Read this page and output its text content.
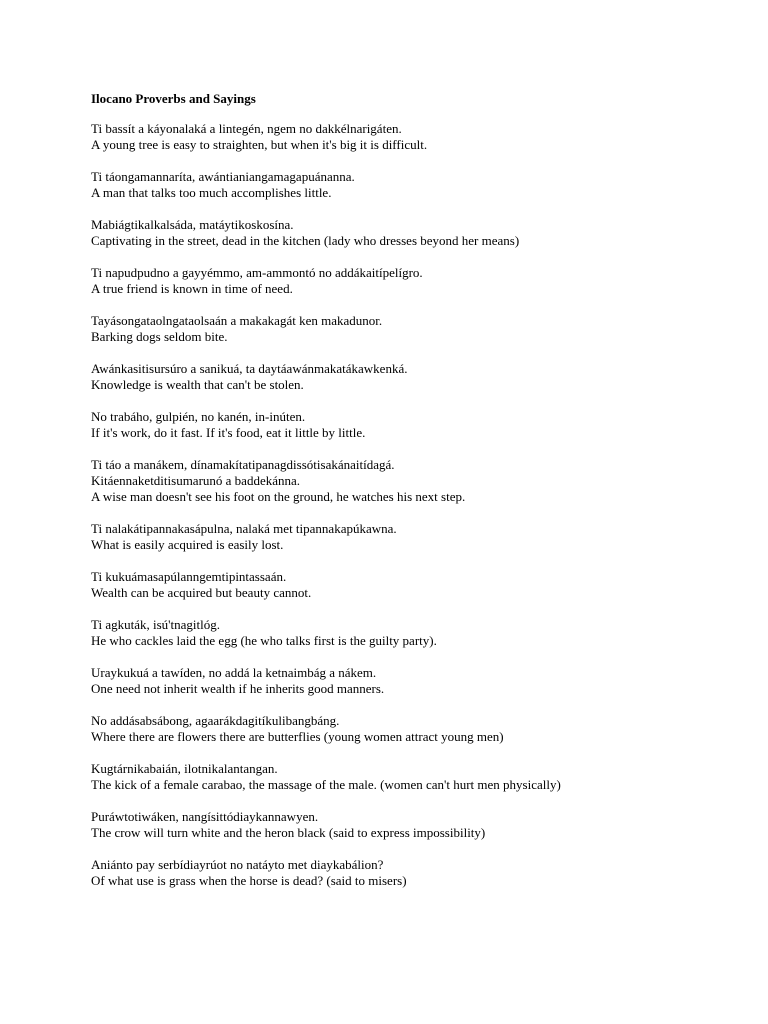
Ilocano Proverbs and Sayings
Ti bassít a káyonalaká a lintegén, ngem no dakkélnarigáten.
A young tree is easy to straighten, but when it's big it is difficult.
Ti táongamannaríta, awántianiangamagapuánanna.
A man that talks too much accomplishes little.
Mabiágtikalkalsáda, matáytikoskosína.
Captivating in the street, dead in the kitchen (lady who dresses beyond her means)
Ti napudpudno a gayyémmo, am-ammontó no addákaitípelígro.
A true friend is known in time of need.
Tayásongataolngataolsaán a makakagát ken makadunor.
Barking dogs seldom bite.
Awánkasitisursúro a sanikuá, ta daytáawánmakatákawkenká.
Knowledge is wealth that can't be stolen.
No trabáho, gulpién, no kanén, in-inúten.
If it's work, do it fast. If it's food, eat it little by little.
Ti táo a manákem, dínamakítatipanagdissótisakánaitídagá.
Kitáennaketditisumarunó a baddekánna.
A wise man doesn't see his foot on the ground, he watches his next step.
Ti nalakátipannakasápulna, nalaká met tipannakapúkawna.
What is easily acquired is easily lost.
Ti kukuámasapúlanngemtipintassaán.
Wealth can be acquired but beauty cannot.
Ti agkuták, isú'tnagitlóg.
He who cackles laid the egg (he who talks first is the guilty party).
Uraykukuá a tawíden, no addá la ketnaimbág a nákem.
One need not inherit wealth if he inherits good manners.
No addásabsábong, agaarákdagitíkulibangbáng.
Where there are flowers there are butterflies (young women attract young men)
Kugtárnikabaián, ilotnikalantangan.
The kick of a female carabao, the massage of the male. (women can't hurt men physically)
Puráwtotiwáken, nangísittódiaykannawyen.
The crow will turn white and the heron black (said to express impossibility)
Aniánto pay serbídiayrúot no natáyto met diaykabálion?
Of what use is grass when the horse is dead? (said to misers)
